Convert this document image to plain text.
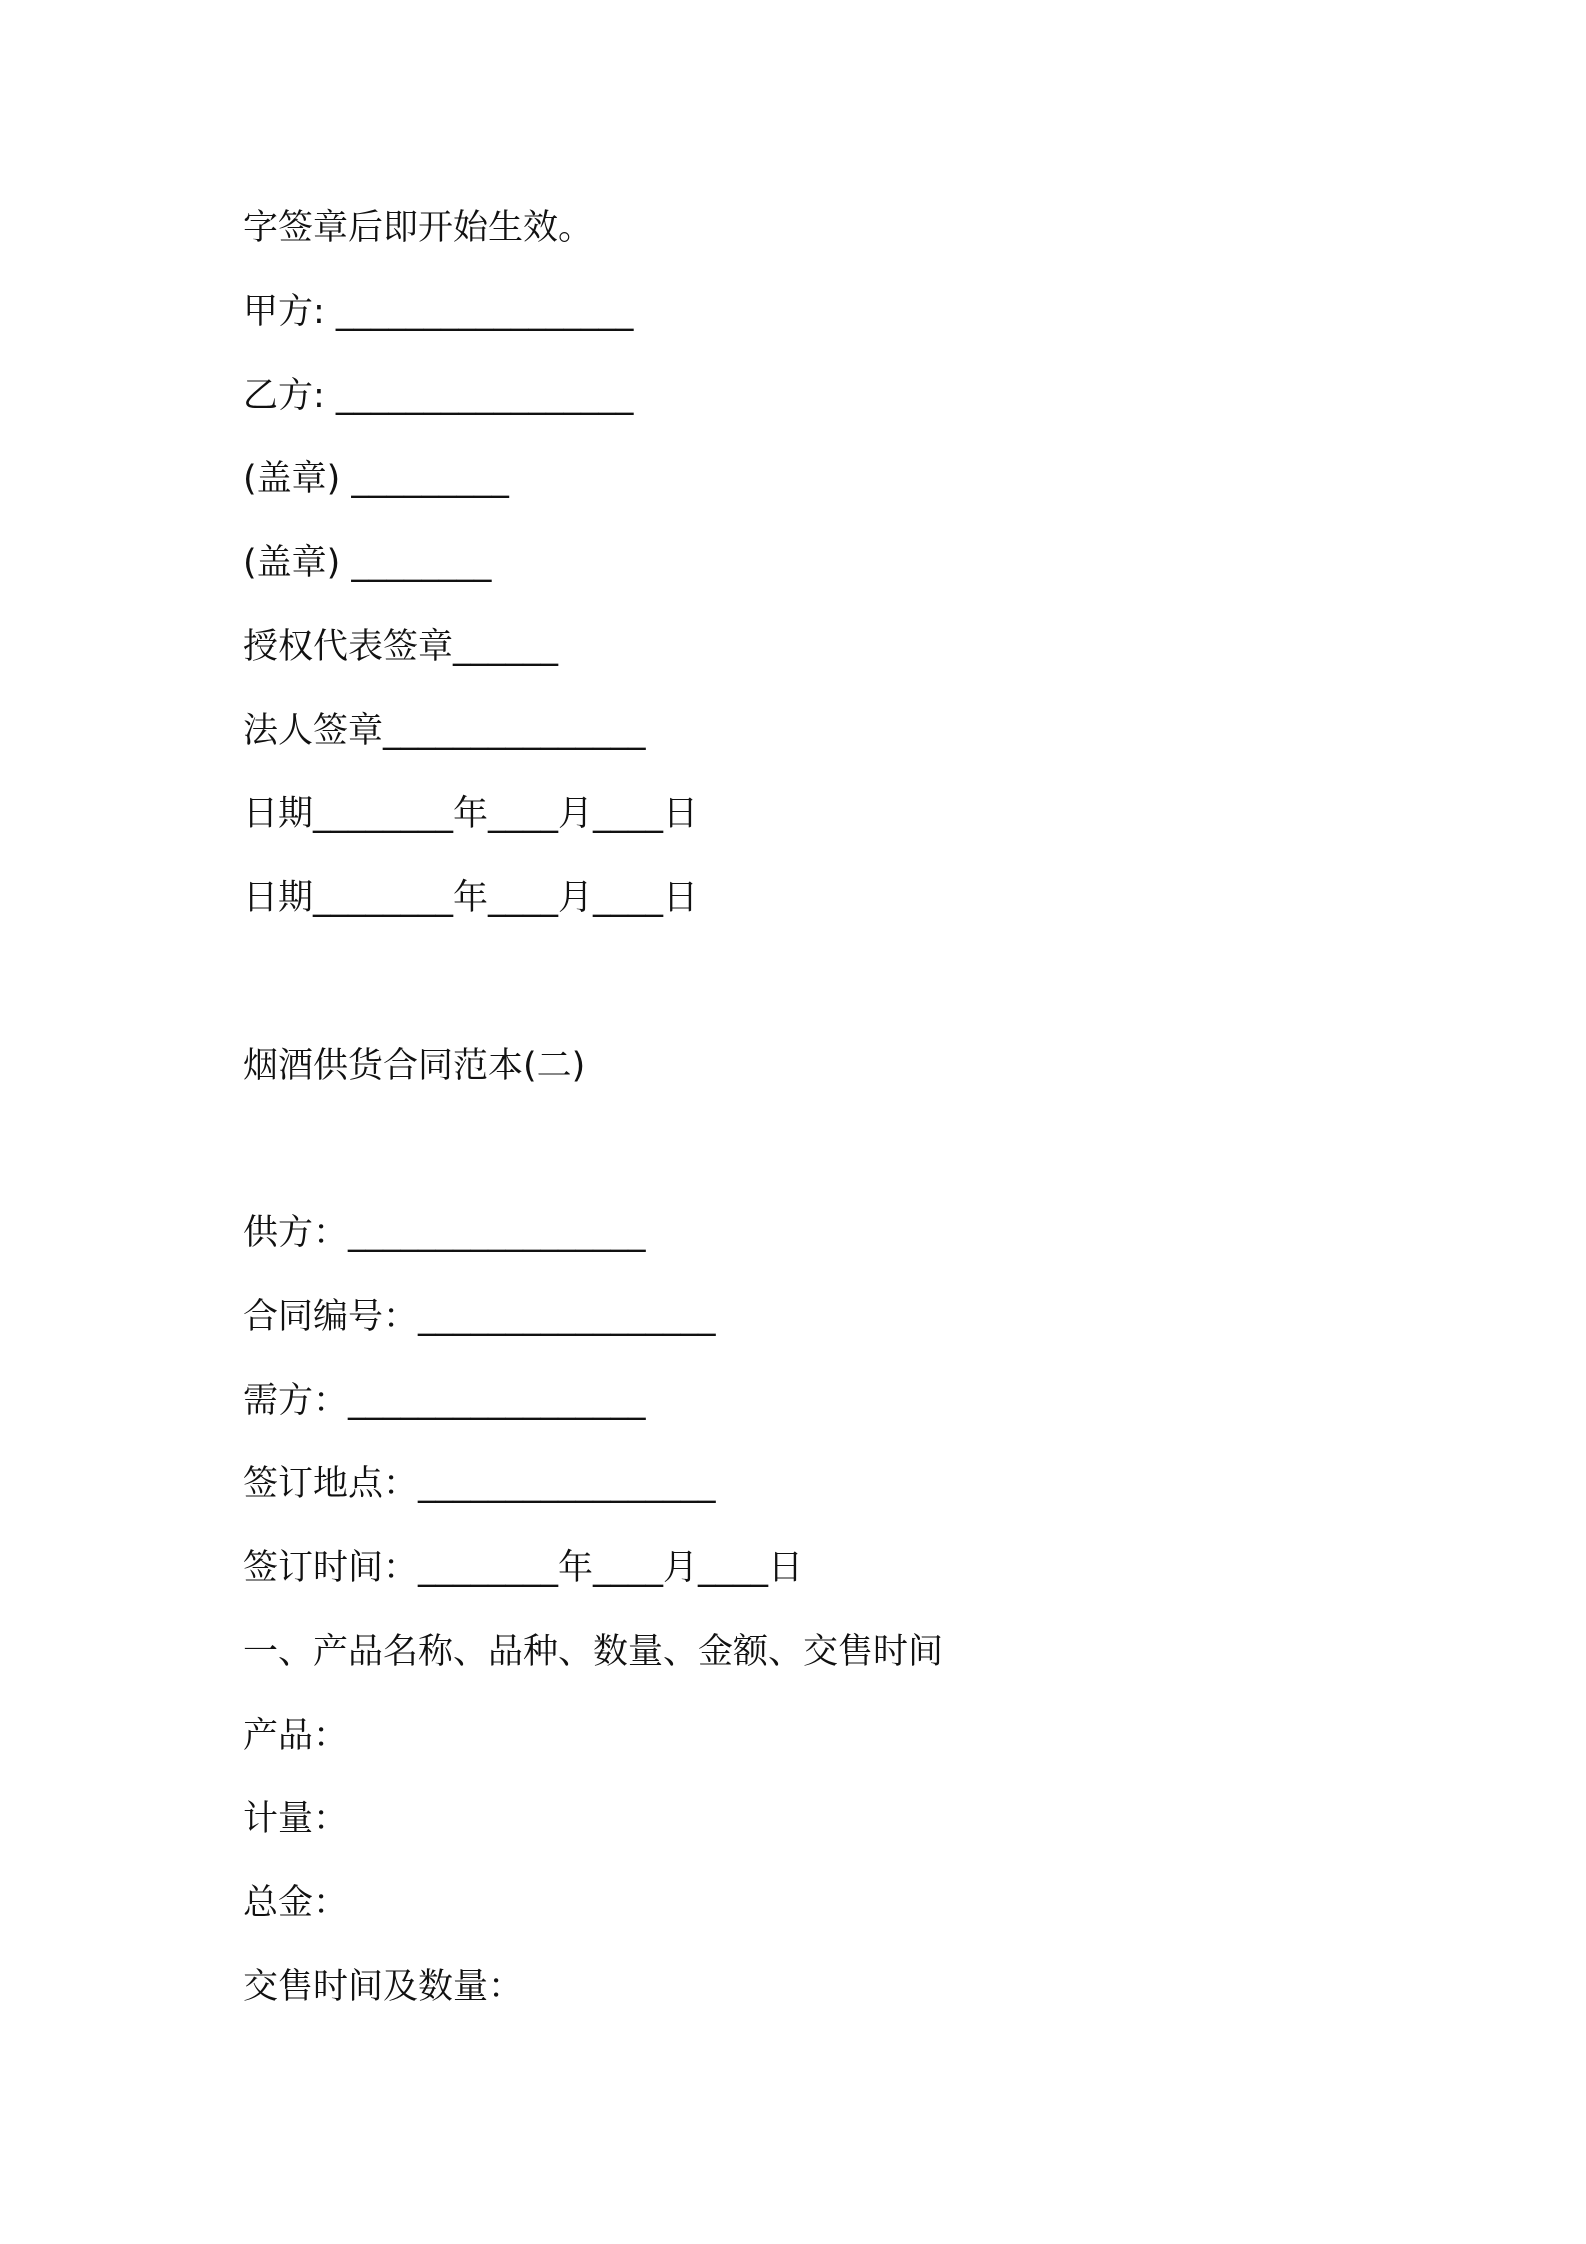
字签章后即开始生效。
甲方: _________________
乙方: _________________
(盖章) _________
(盖章) ________
授权代表签章______
法人签章_______________
日期________年____月____日
日期________年____月____日
烟酒供货合同范本(二)
供方：_________________
合同编号：_________________
需方：_________________
签订地点：_________________
签订时间：________年____月____日
一、产品名称、品种、数量、金额、交售时间
产品：
计量：
总金：
交售时间及数量：
